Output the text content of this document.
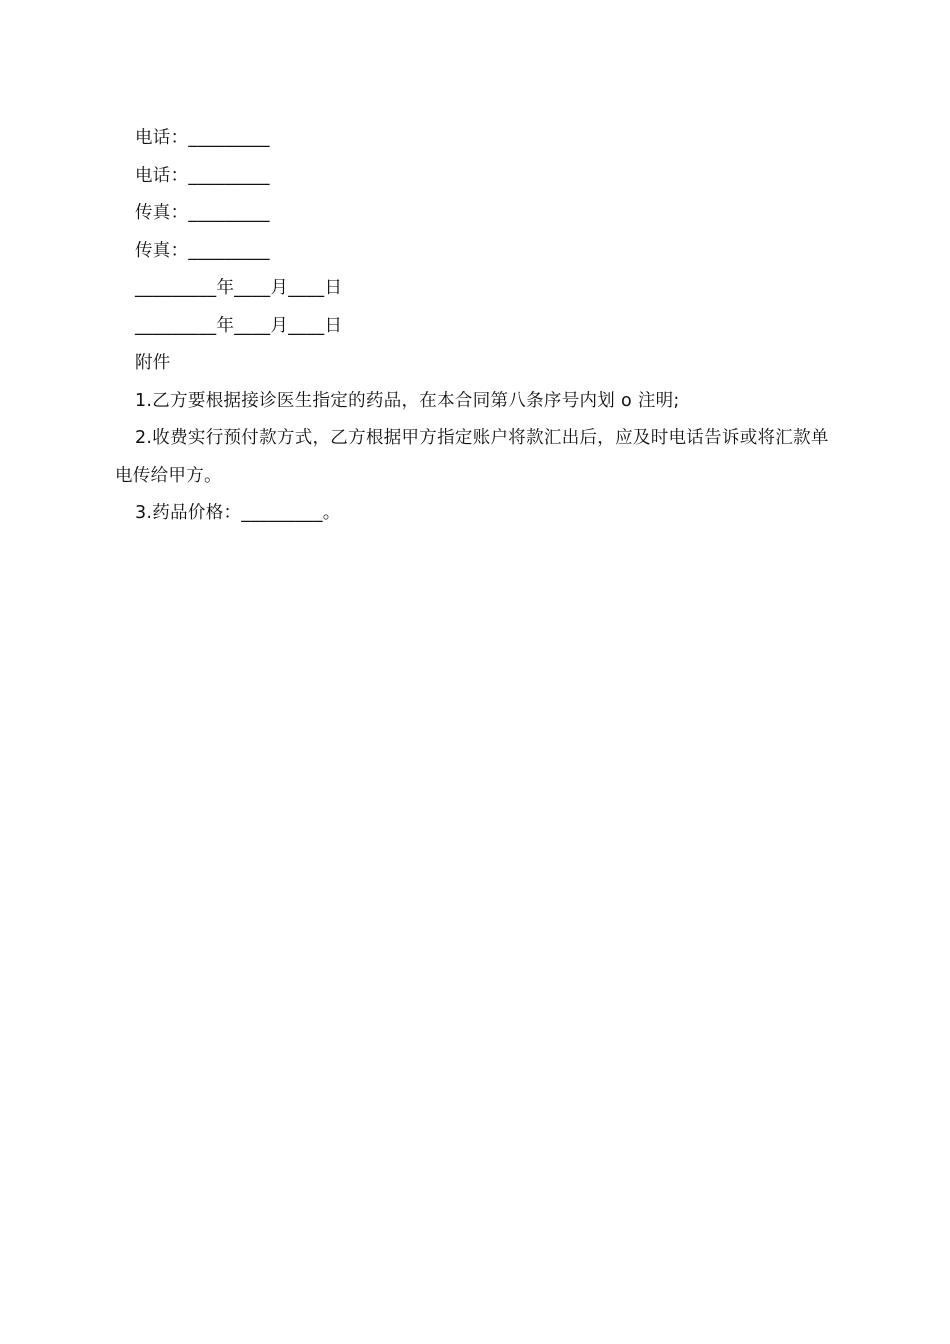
电话：_________
电话：_________
传真：_________
传真：_________
_________年____月____日
_________年____月____日
附件
1.乙方要根据接诊医生指定的药品，在本合同第八条序号内划 o 注明;
2.收费实行预付款方式，乙方根据甲方指定账户将款汇出后，应及时电话告诉或将汇款单电传给甲方。
3.药品价格：_________。
